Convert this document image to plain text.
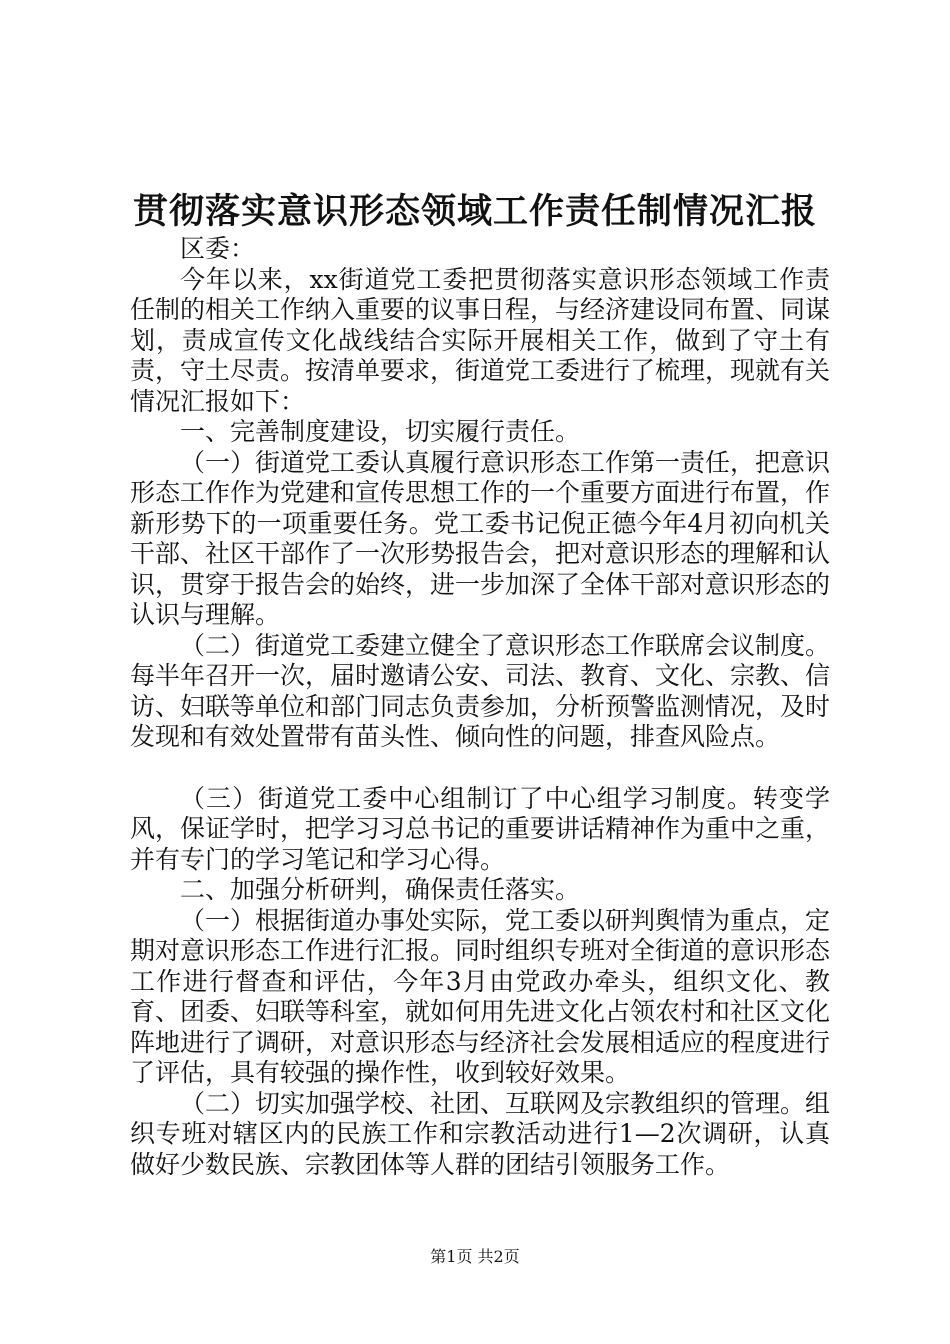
贯彻落实意识形态领域工作责任制情况汇报

区委：

今年以来，xx街道党工委把贯彻落实意识形态领域工作责任制的相关工作纳入重要的议事日程，与经济建设同布置、同谋划，责成宣传文化战线结合实际开展相关工作，做到了守土有责，守土尽责。按清单要求，街道党工委进行了梳理，现就有关情况汇报如下：

一、完善制度建设，切实履行责任。

（一）街道党工委认真履行意识形态工作第一责任，把意识形态工作作为党建和宣传思想工作的一个重要方面进行布置，作新形势下的一项重要任务。党工委书记倪正德今年4月初向机关干部、社区干部作了一次形势报告会，把对意识形态的理解和认识，贯穿于报告会的始终，进一步加深了全体干部对意识形态的认识与理解。

（二）街道党工委建立健全了意识形态工作联席会议制度。每半年召开一次，届时邀请公安、司法、教育、文化、宗教、信访、妇联等单位和部门同志负责参加，分析预警监测情况，及时发现和有效处置带有苗头性、倾向性的问题，排查风险点。

（三）街道党工委中心组制订了中心组学习制度。转变学风，保证学时，把学习习总书记的重要讲话精神作为重中之重，并有专门的学习笔记和学习心得。

二、加强分析研判，确保责任落实。

（一）根据街道办事处实际，党工委以研判舆情为重点，定期对意识形态工作进行汇报。同时组织专班对全街道的意识形态工作进行督查和评估，今年3月由党政办牵头，组织文化、教育、团委、妇联等科室，就如何用先进文化占领农村和社区文化阵地进行了调研，对意识形态与经济社会发展相适应的程度进行了评估，具有较强的操作性，收到较好效果。

（二）切实加强学校、社团、互联网及宗教组织的管理。组织专班对辖区内的民族工作和宗教活动进行1—2次调研，认真做好少数民族、宗教团体等人群的团结引领服务工作。

第1页 共2页
